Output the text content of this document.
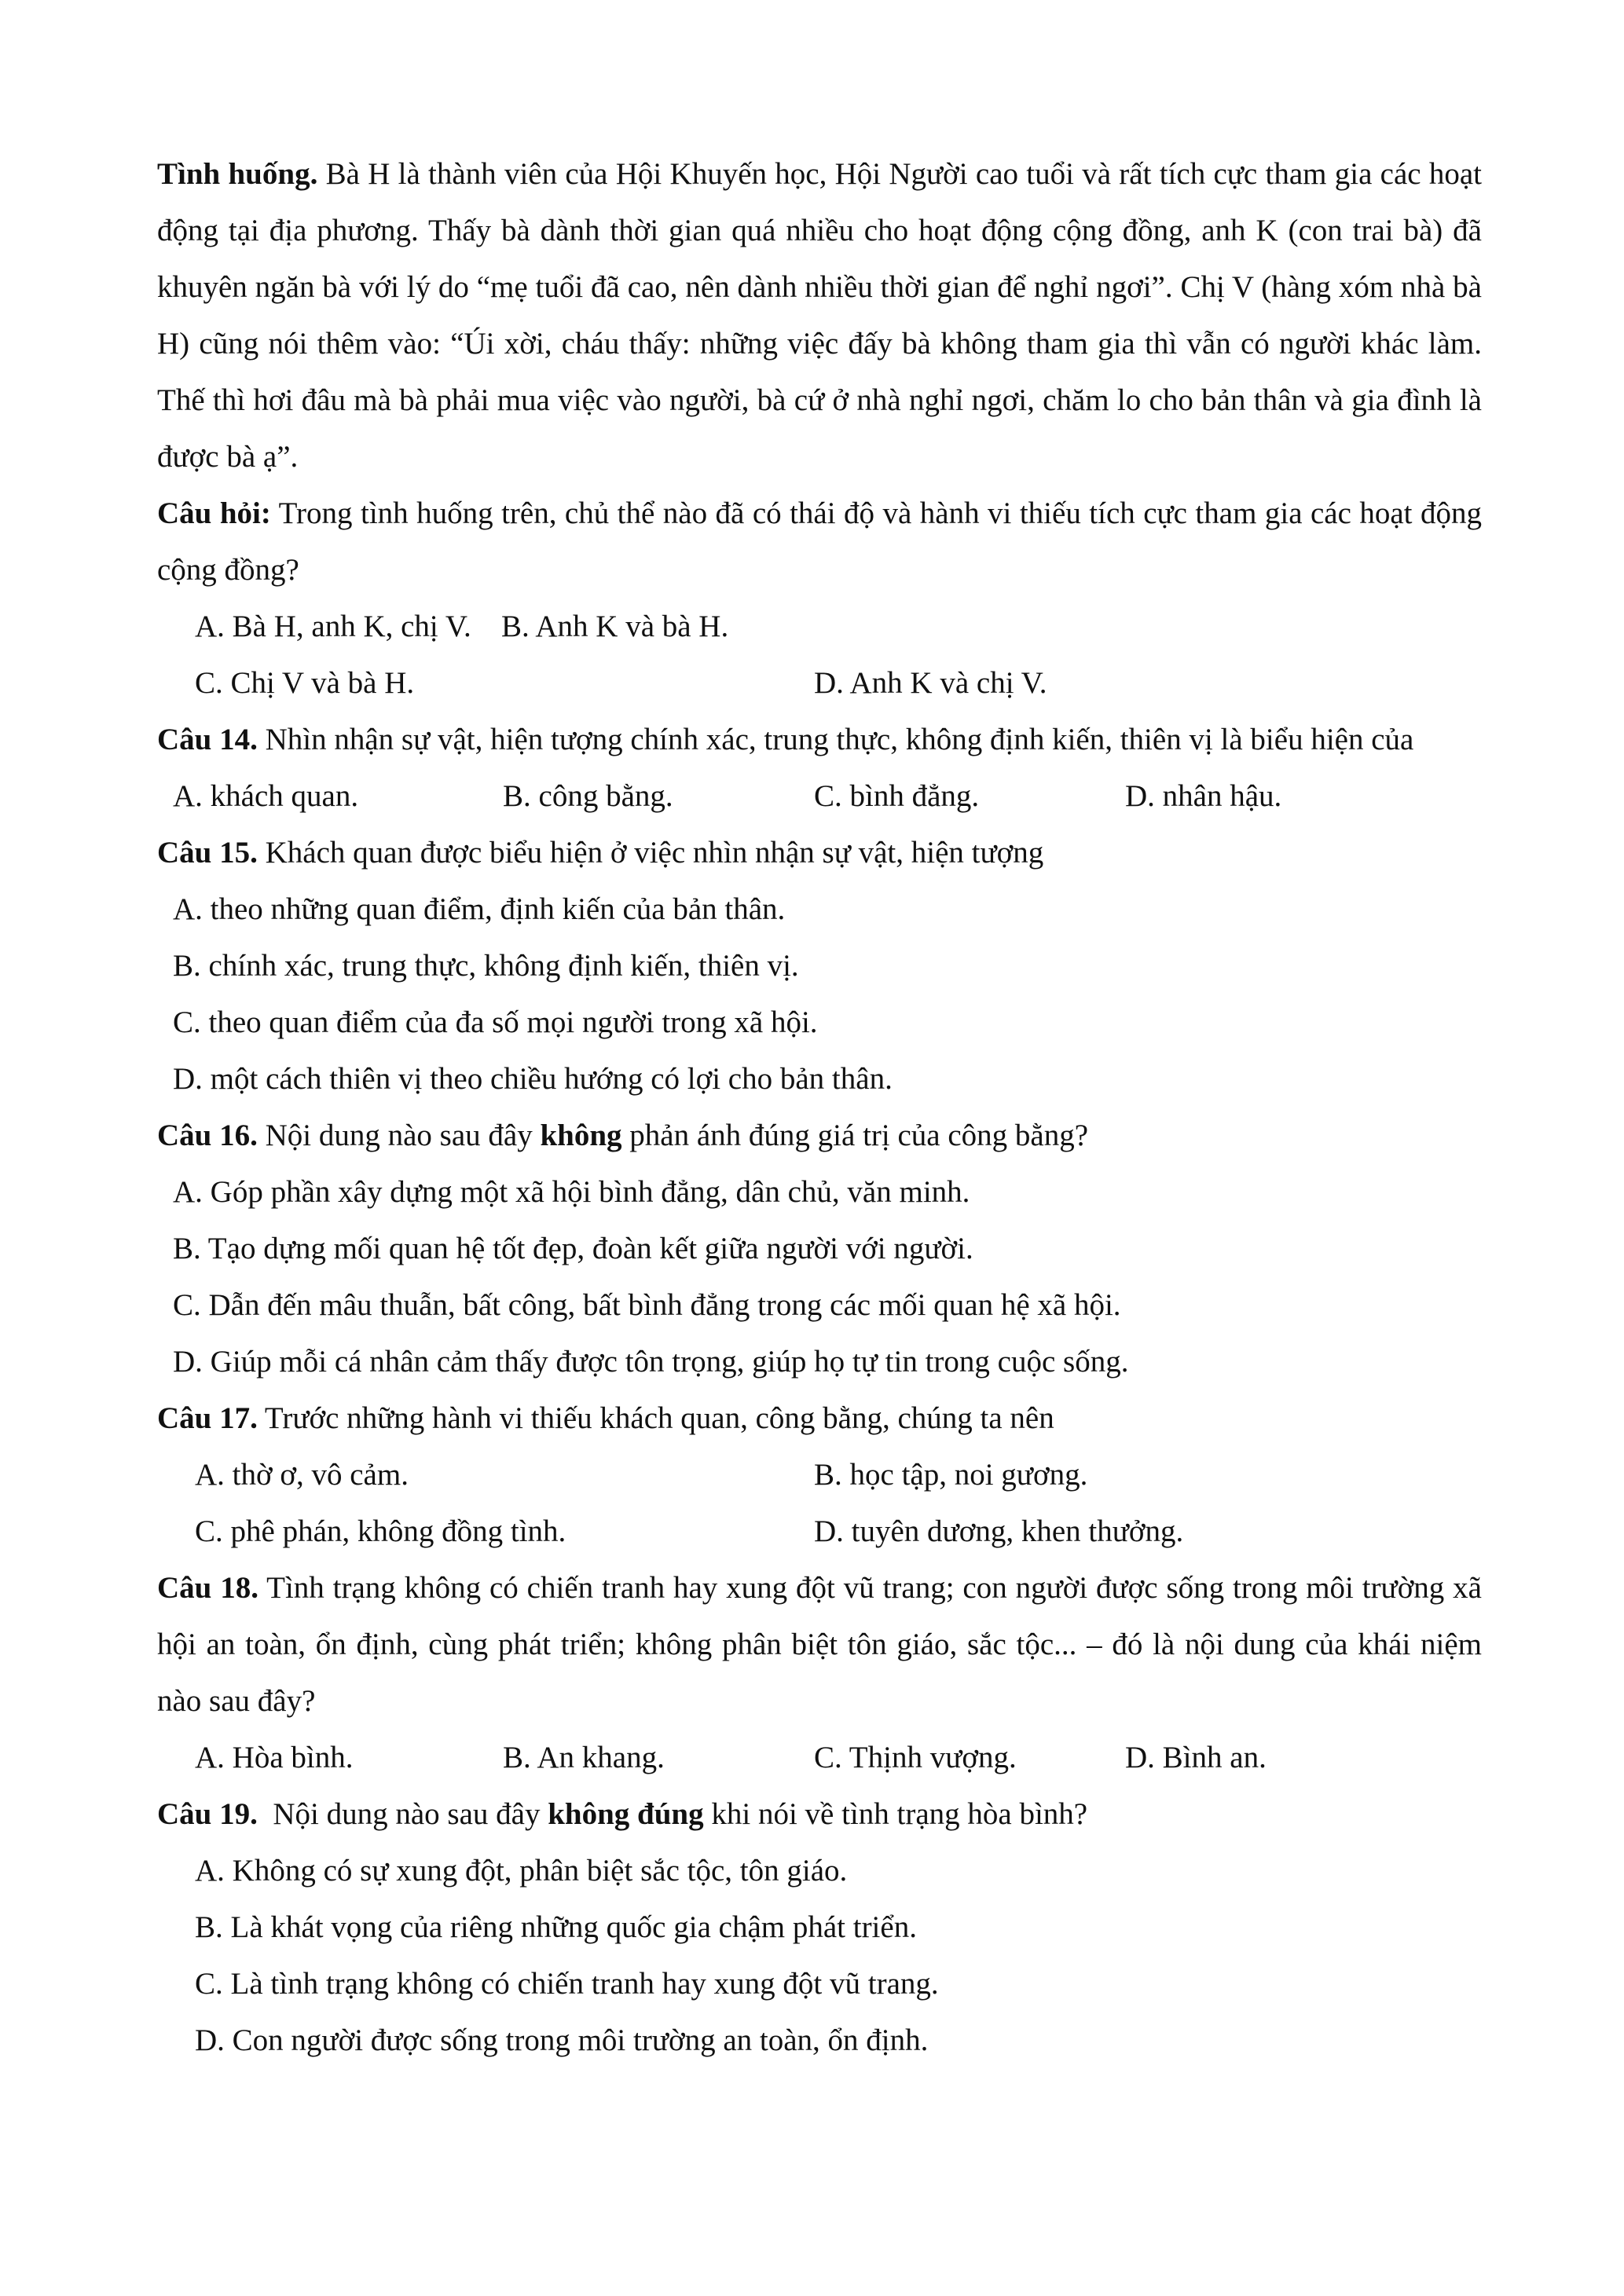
Tình huống. Bà H là thành viên của Hội Khuyến học, Hội Người cao tuổi và rất tích cực tham gia các hoạt động tại địa phương. Thấy bà dành thời gian quá nhiều cho hoạt động cộng đồng, anh K (con trai bà) đã khuyên ngăn bà với lý do “mẹ tuổi đã cao, nên dành nhiều thời gian để nghỉ ngơi”. Chị V (hàng xóm nhà bà H) cũng nói thêm vào: “Úi xời, cháu thấy: những việc đấy bà không tham gia thì vẫn có người khác làm. Thế thì hơi đâu mà bà phải mua việc vào người, bà cứ ở nhà nghỉ ngơi, chăm lo cho bản thân và gia đình là được bà ạ”.

Câu hỏi: Trong tình huống trên, chủ thể nào đã có thái độ và hành vi thiếu tích cực tham gia các hoạt động cộng đồng?

A. Bà H, anh K, chị V. B. Anh K và bà H.
C. Chị V và bà H.	D. Anh K và chị V.

Câu 14. Nhìn nhận sự vật, hiện tượng chính xác, trung thực, không định kiến, thiên vị là biểu hiện của

A. khách quan.	B. công bằng.	C. bình đẳng.	D. nhân hậu.
Câu 15. Khách quan được biểu hiện ở việc nhìn nhận sự vật, hiện tượng
A. theo những quan điểm, định kiến của bản thân.
B. chính xác, trung thực, không định kiến, thiên vị.
C. theo quan điểm của đa số mọi người trong xã hội.
D. một cách thiên vị theo chiều hướng có lợi cho bản thân.
Câu 16. Nội dung nào sau đây không phản ánh đúng giá trị của công bằng?
A. Góp phần xây dựng một xã hội bình đẳng, dân chủ, văn minh.
B. Tạo dựng mối quan hệ tốt đẹp, đoàn kết giữa người với người.
C. Dẫn đến mâu thuẫn, bất công, bất bình đẳng trong các mối quan hệ xã hội.
D. Giúp mỗi cá nhân cảm thấy được tôn trọng, giúp họ tự tin trong cuộc sống.
Câu 17. Trước những hành vi thiếu khách quan, công bằng, chúng ta nên
A. thờ ơ, vô cảm.	B. học tập, noi gương.
C. phê phán, không đồng tình.	D. tuyên dương, khen thưởng.

Câu 18. Tình trạng không có chiến tranh hay xung đột vũ trang; con người được sống trong môi trường xã hội an toàn, ổn định, cùng phát triển; không phân biệt tôn giáo, sắc tộc... – đó là nội dung của khái niệm nào sau đây?

A. Hòa bình.	B. An khang.	C. Thịnh vượng.	D. Bình an.
Câu 19.  Nội dung nào sau đây không đúng khi nói về tình trạng hòa bình?
A. Không có sự xung đột, phân biệt sắc tộc, tôn giáo.
B. Là khát vọng của riêng những quốc gia chậm phát triển.
C. Là tình trạng không có chiến tranh hay xung đột vũ trang.
D. Con người được sống trong môi trường an toàn, ổn định.
